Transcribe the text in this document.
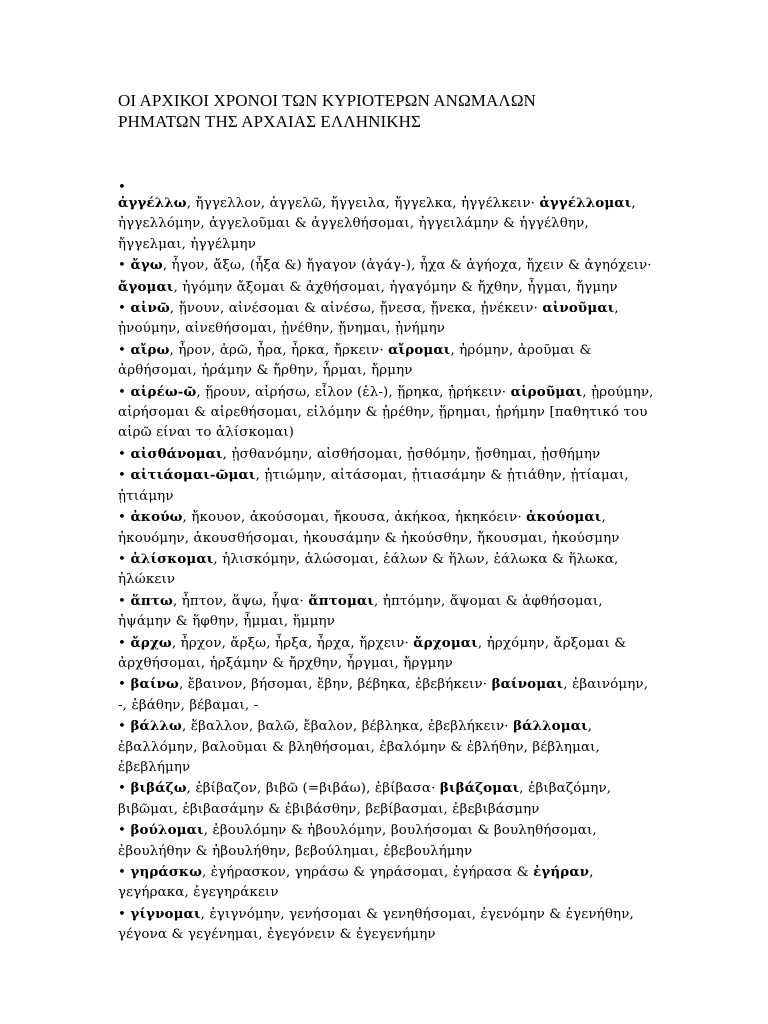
ΟΙ ΑΡΧΙΚΟΙ ΧΡΟΝΟΙ ΤΩΝ ΚΥΡΙΟΤΕΡΩΝ ΑΝΩΜΑΛΩΝ
ΡΗΜΑΤΩΝ ΤΗΣ ΑΡΧΑΙΑΣ ΕΛΛΗΝΙΚΗΣ
•
ἀγγέλλω, ἤγγελλον, ἀγγελῶ, ἤγγειλα, ἤγγελκα, ἠγγέλκειν· ἀγγέλλομαι, ἠγγελλόμην, ἀγγελοῦμαι & ἀγγελθήσομαι, ἠγγειλάμην & ἠγγέλθην, ἤγγελμαι, ἠγγέλμην
• ἄγω, ἦγον, ἄξω, (ἦξα &) ἤγαγον (ἀγάγ-), ἦχα & ἀγήοχα, ἤχειν & ἀγηόχειν· ἄγομαι, ἠγόμην ἄξομαι & ἀχθήσομαι, ἠγαγόμην & ἤχθην, ἦγμαι, ἤγμην
• αἰνῶ, ᾕνουν, αἰνέσομαι & αἰνέσω, ᾔνεσα, ᾔνεκα, ᾐνέκειν· αἰνοῦμαι, ᾐνούμην, αἰνεθήσομαι, ᾐνέθην, ᾔνημαι, ᾐνήμην
• αἴρω, ἦρον, ἀρῶ, ἦρα, ἦρκα, ἤρκειν· αἴρομαι, ἠρόμην, ἀροῦμαι & ἀρθήσομαι, ἠράμην & ἤρθην, ἦρμαι, ἤρμην
• αἱρέω-ῶ, ᾕρουν, αἱρήσω, εἷλον (ἑλ-), ᾕρηκα, ᾑρήκειν· αἱροῦμαι, ᾑρούμην, αἱρήσομαι & αἱρεθήσομαι, εἱλόμην & ᾑρέθην, ᾕρημαι, ᾑρήμην [παθητικό του αἱρῶ είναι το ἁλίσκομαι)
• αἰσθάνομαι, ᾐσθανόμην, αἰσθήσομαι, ᾐσθόμην, ᾔσθημαι, ᾐσθήμην
• αἰτιάομαι-ῶμαι, ᾐτιώμην, αἰτάσομαι, ᾐτιασάμην & ᾐτιάθην, ᾐτίαμαι, ᾐτιάμην
• ἀκούω, ἤκουον, ἀκούσομαι, ἤκουσα, ἀκήκοα, ἠκηκόειν· ἀκούομαι, ἠκουόμην, ἀκουσθήσομαι, ἠκουσάμην & ἠκούσθην, ἤκουσμαι, ἠκούσμην
• ἁλίσκομαι, ἡλισκόμην, ἁλώσομαι, ἑάλων & ἥλων, ἑάλωκα & ἥλωκα, ἡλώκειν
• ἅπτω, ἧπτον, ἅψω, ἧψα· ἅπτομαι, ἡπτόμην, ἅψομαι & ἁφθήσομαι, ἡψάμην & ἥφθην, ἧμμαι, ἥμμην
• ἄρχω, ἦρχον, ἄρξω, ἦρξα, ἦρχα, ἤρχειν· ἄρχομαι, ἠρχόμην, ἄρξομαι & ἀρχθήσομαι, ἠρξάμην & ἤρχθην, ἦργμαι, ἤργμην
• βαίνω, ἔβαινον, βήσομαι, ἔβην, βέβηκα, ἐβεβήκειν· βαίνομαι, ἐβαινόμην, -, ἐβάθην, βέβαμαι, -
• βάλλω, ἔβαλλον, βαλῶ, ἔβαλον, βέβληκα, ἐβεβλήκειν· βάλλομαι, ἐβαλλόμην, βαλοῦμαι & βληθήσομαι, ἐβαλόμην & ἐβλήθην, βέβλημαι, ἐβεβλήμην
• βιβάζω, ἐβίβαζον, βιβῶ (=βιβάω), ἐβίβασα· βιβάζομαι, ἐβιβαζόμην, βιβῶμαι, ἐβιβασάμην & ἐβιβάσθην, βεβίβασμαι, ἐβεβιβάσμην
• βούλομαι, ἐβουλόμην & ἠβουλόμην, βουλήσομαι & βουληθήσομαι, ἐβουλήθην & ἠβουλήθην, βεβούλημαι, ἐβεβουλήμην
• γηράσκω, ἐγήρασκον, γηράσω & γηράσομαι, ἐγήρασα & ἐγήραν, γεγήρακα, ἐγεγηράκειν
• γίγνομαι, ἐγιγνόμην, γενήσομαι & γενηθήσομαι, ἐγενόμην & ἐγενήθην, γέγονα & γεγένημαι, ἐγεγόνειν & ἐγεγενήμην
